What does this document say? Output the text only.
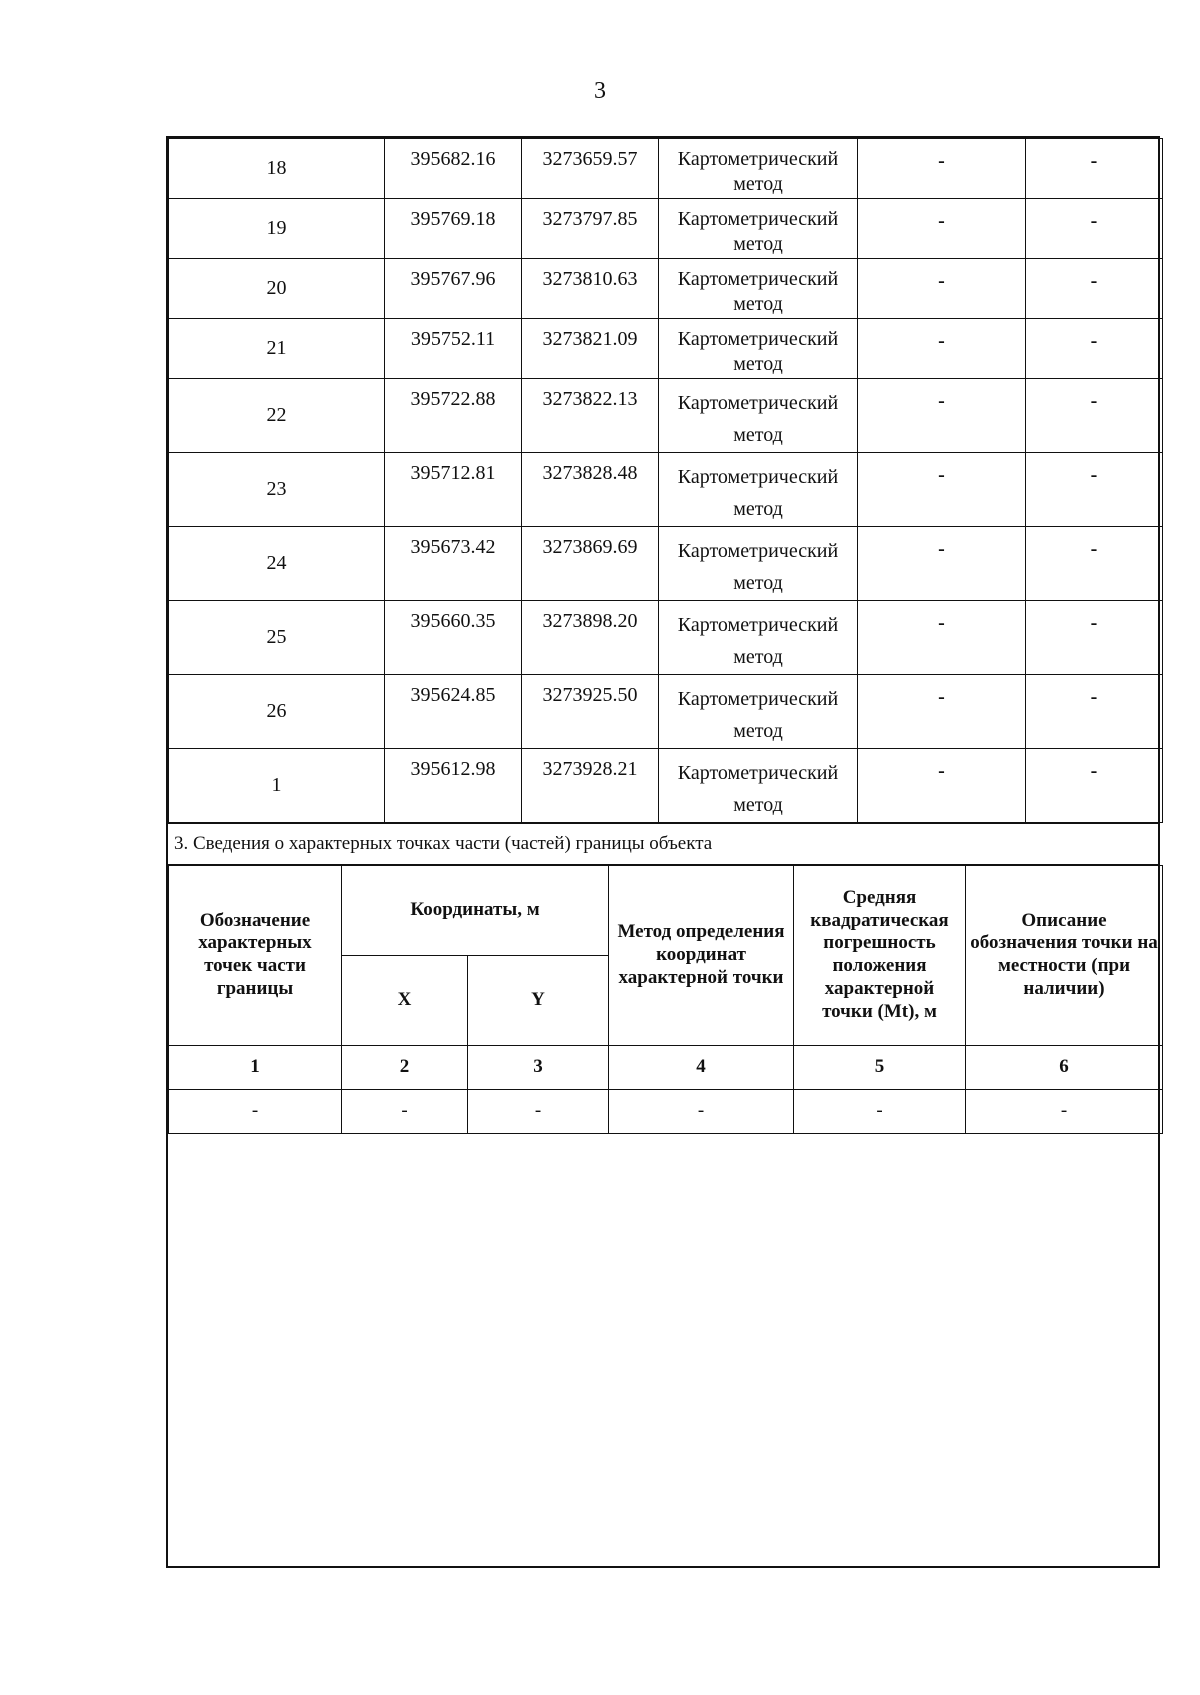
3
18	395682.16	3273659.57	Картометрический метод	-	-
19	395769.18	3273797.85	Картометрический метод	-	-
20	395767.96	3273810.63	Картометрический метод	-	-
21	395752.11	3273821.09	Картометрический метод	-	-
22	395722.88	3273822.13	Картометрический метод	-	-
23	395712.81	3273828.48	Картометрический метод	-	-
24	395673.42	3273869.69	Картометрический метод	-	-
25	395660.35	3273898.20	Картометрический метод	-	-
26	395624.85	3273925.50	Картометрический метод	-	-
1	395612.98	3273928.21	Картометрический метод	-	-
3. Сведения о характерных точках части (частей) границы объекта
Обозначение характерных точек части границы	Координаты, м		Метод определения координат характерной точки	Средняя квадратическая погрешность положения характерной точки (Mt), м	Описание обозначения точки на местности (при наличии)
	X	Y			
1	2	3	4	5	6
-	-	-	-	-	-
